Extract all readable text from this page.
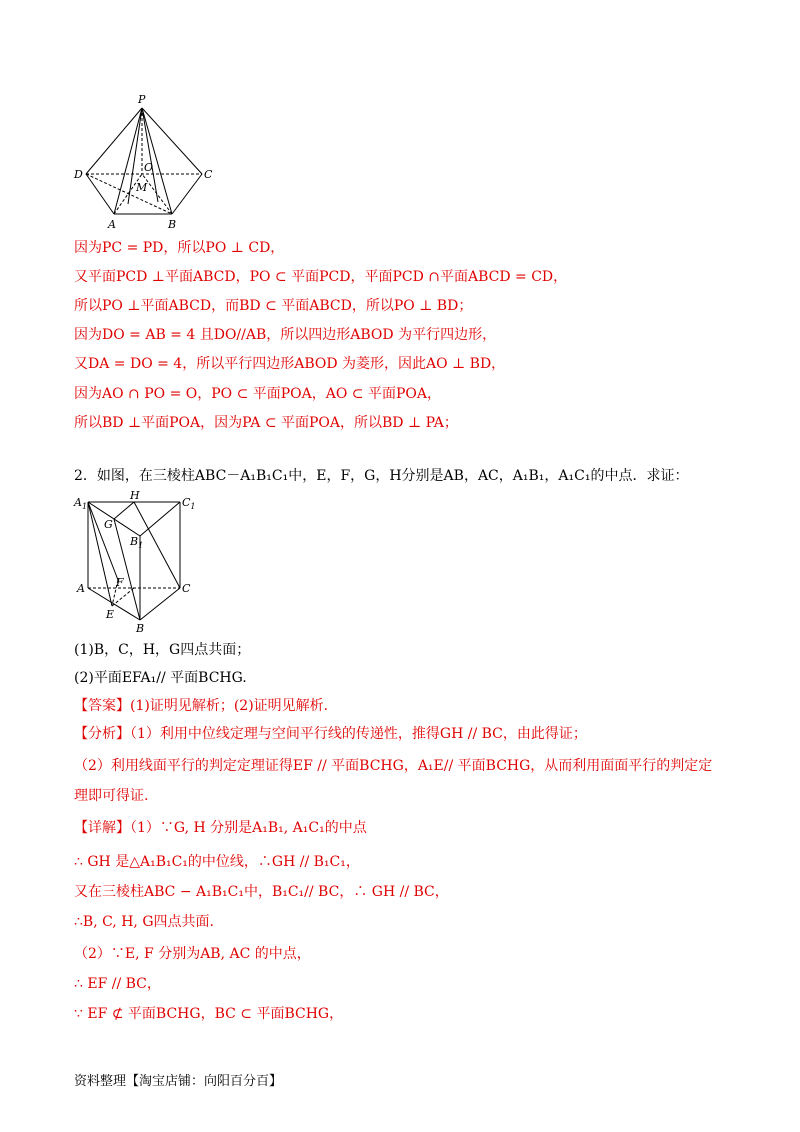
P
O
M
D	C
A	B
因为PC = PD，所以PO ⊥ CD，
又平面PCD ⊥平面ABCD，PO ⊂ 平面PCD，平面PCD ∩平面ABCD = CD，
所以PO ⊥平面ABCD，而BD ⊂ 平面ABCD，所以PO ⊥ BD；
因为DO = AB = 4 且DO//AB，所以四边形ABOD 为平行四边形，
又DA = DO = 4，所以平行四边形ABOD 为菱形，因此AO ⊥ BD，
因为AO ∩ PO = O，PO ⊂ 平面POA，AO ⊂ 平面POA，
所以BD ⊥平面POA，因为PA ⊂ 平面POA，所以BD ⊥ PA；
2．如图，在三棱柱ABC－A₁B₁C₁中，E，F，G，H分别是AB，AC，A₁B₁，A₁C₁的中点．求证：
$A_1$
H
$C_1$
G
$B_1$
A	F	C
E
B
(1)B，C，H，G四点共面；
(2)平面EFA₁// 平面BCHG.
【答案】(1)证明见解析；(2)证明见解析．
【分析】（1）利用中位线定理与空间平行线的传递性，推得GH // BC，由此得证；
（2）利用线面平行的判定定理证得EF // 平面BCHG，A₁E// 平面BCHG，从而利用面面平行的判定定
理即可得证.
【详解】（1）∵G, H 分别是A₁B₁, A₁C₁的中点
∴ GH 是△A₁B₁C₁的中位线，∴GH // B₁C₁，
又在三棱柱ABC − A₁B₁C₁中，B₁C₁// BC，∴ GH // BC，
∴B, C, H, G四点共面.
（2）∵E, F 分别为AB, AC 的中点，
∴ EF // BC，
∵ EF ⊄ 平面BCHG，BC ⊂ 平面BCHG，
资料整理【淘宝店铺：向阳百分百】
